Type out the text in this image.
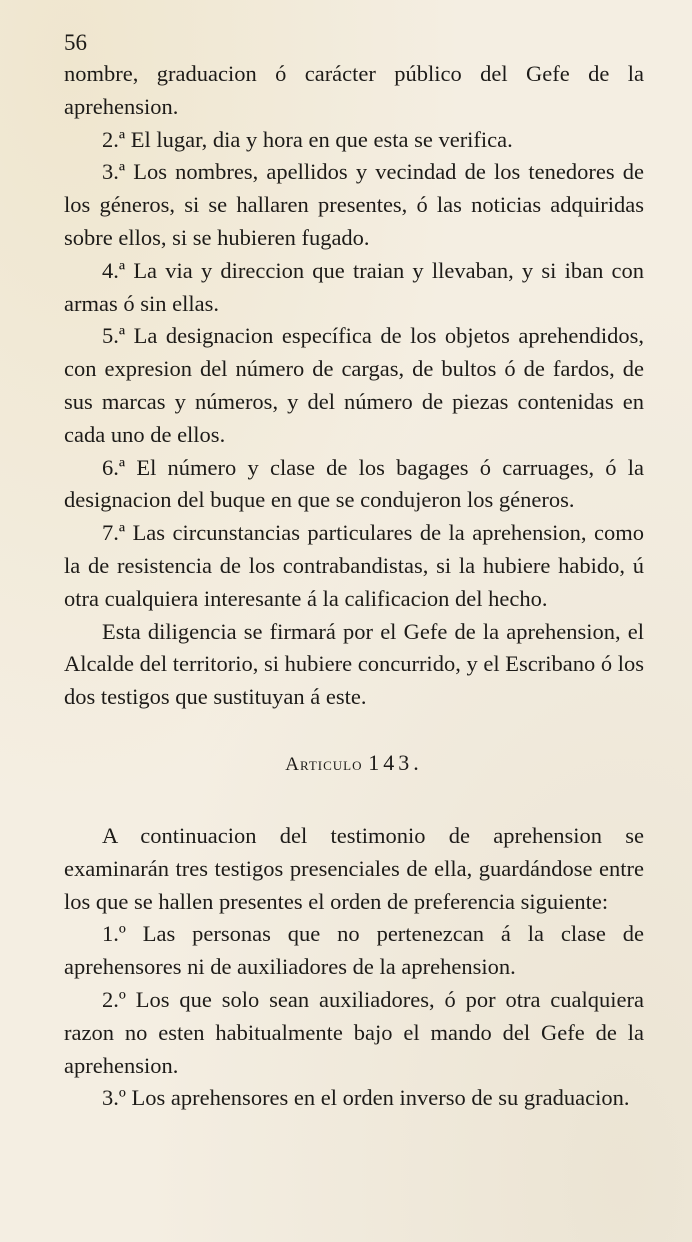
56

nombre, graduacion ó carácter público del Gefe de la aprehension.

2.ª El lugar, dia y hora en que esta se verifica.

3.ª Los nombres, apellidos y vecindad de los tenedores de los géneros, si se hallaren presentes, ó las noticias adquiridas sobre ellos, si se hubieren fugado.

4.ª La via y direccion que traian y llevaban, y si iban con armas ó sin ellas.

5.ª La designacion específica de los objetos aprehendidos, con expresion del número de cargas, de bultos ó de fardos, de sus marcas y números, y del número de piezas contenidas en cada uno de ellos.

6.ª El número y clase de los bagages ó carruages, ó la designacion del buque en que se condujeron los géneros.

7.ª Las circunstancias particulares de la aprehension, como la de resistencia de los contrabandistas, si la hubiere habido, ú otra cualquiera interesante á la calificacion del hecho.

Esta diligencia se firmará por el Gefe de la aprehension, el Alcalde del territorio, si hubiere concurrido, y el Escribano ó los dos testigos que sustituyan á este.

Articulo 143.

A continuacion del testimonio de aprehension se examinarán tres testigos presenciales de ella, guardándose entre los que se hallen presentes el orden de preferencia siguiente:

1.º Las personas que no pertenezcan á la clase de aprehensores ni de auxiliadores de la aprehension.

2.º Los que solo sean auxiliadores, ó por otra cualquiera razon no esten habitualmente bajo el mando del Gefe de la aprehension.

3.º Los aprehensores en el orden inverso de su graduacion.
